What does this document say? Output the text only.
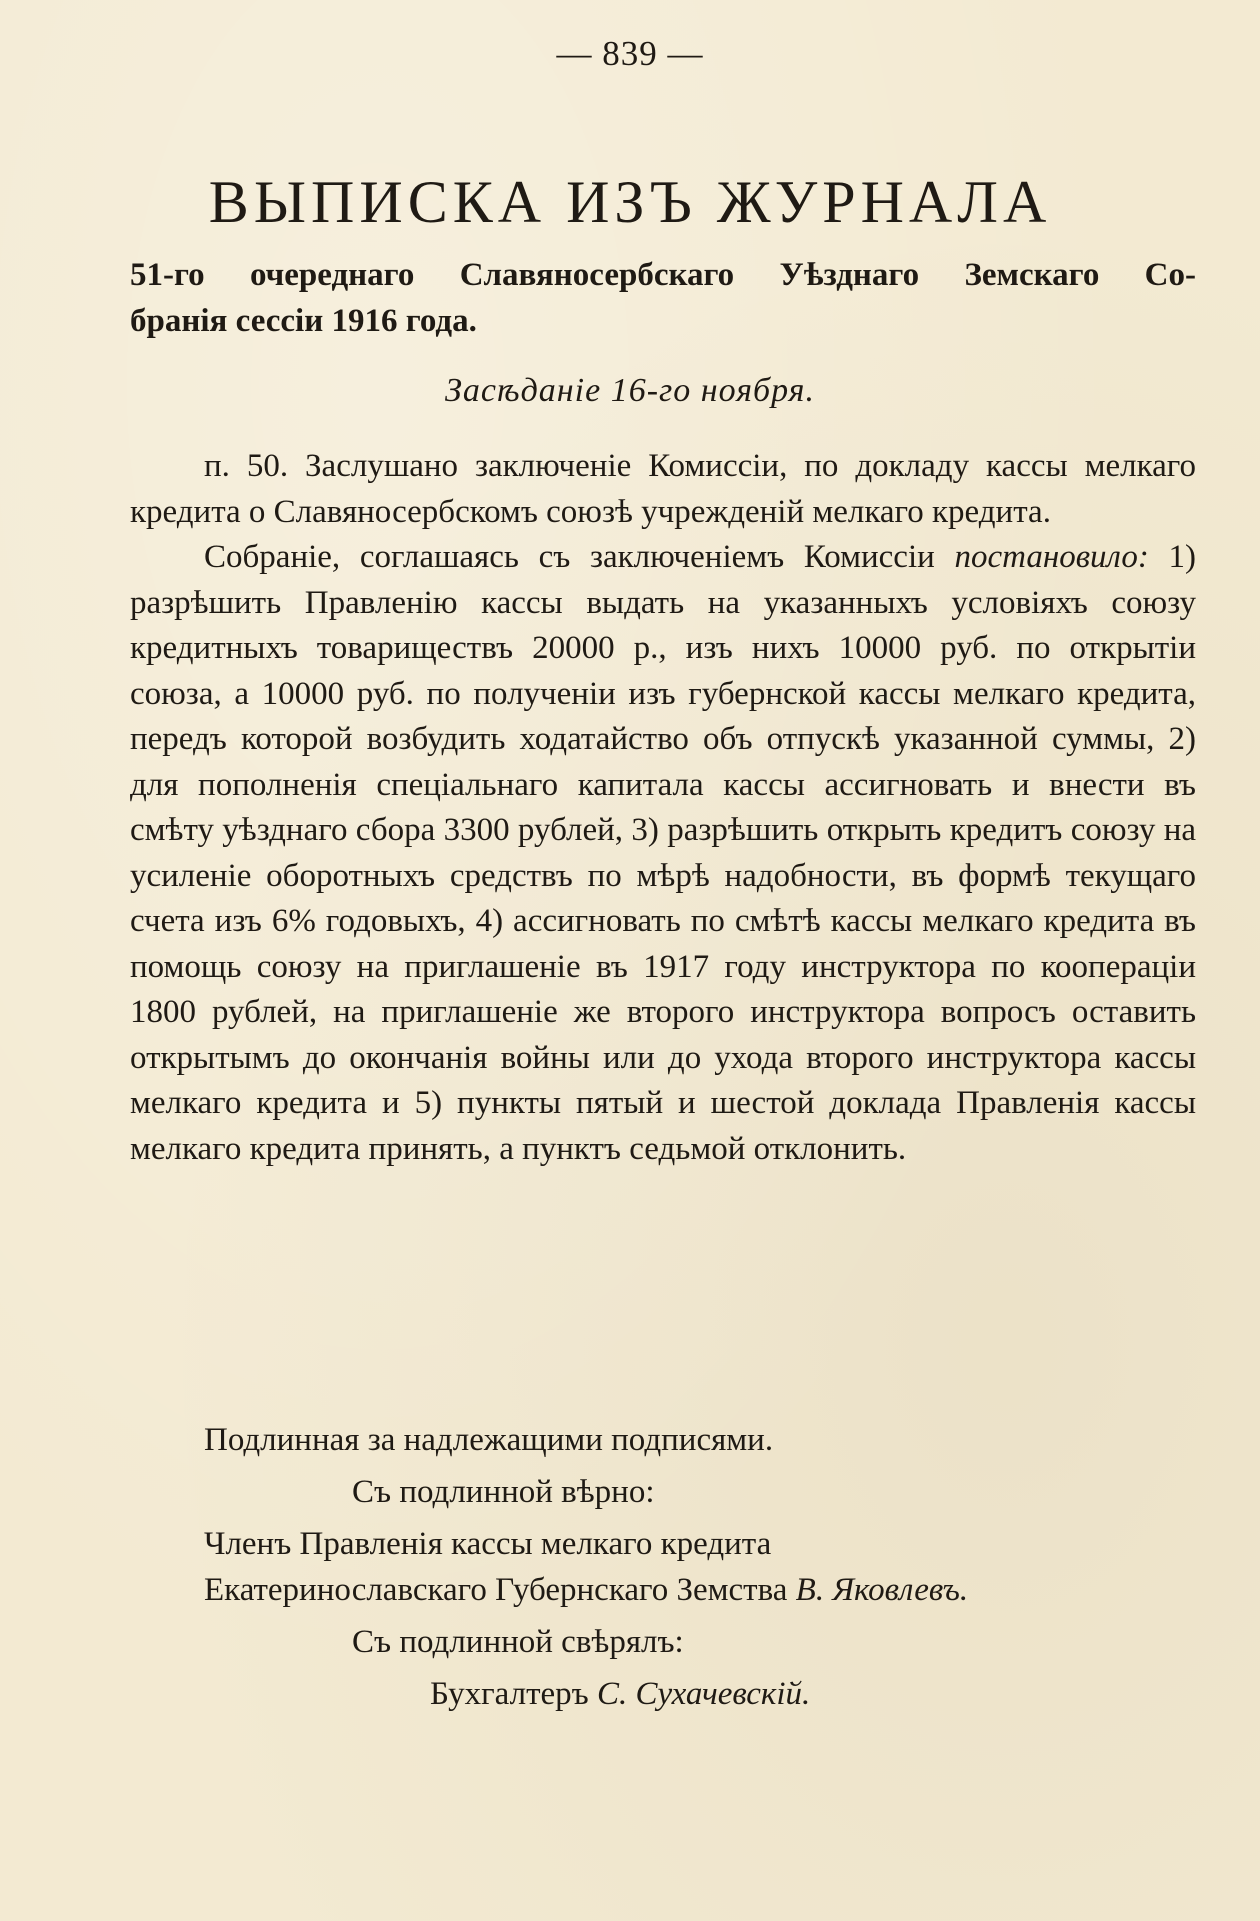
— 839 —
ВЫПИСКА ИЗЪ ЖУРНАЛА
51-го очереднаго Славяносербскаго Уѣзднаго Земскаго Со-
бранія сессіи 1916 года.
Засѣданіе 16-го ноября.

п. 50. Заслушано заключеніе Комиссіи, по докладу кассы мелкаго кредита о Славяносербскомъ союзѣ учрежденій мелкаго кредита.

Собраніе, соглашаясь съ заключеніемъ Комиссіи постановило: 1) разрѣшить Правленію кассы выдать на указанныхъ условіяхъ союзу кредитныхъ товариществъ 20000 р., изъ нихъ 10000 руб. по открытіи союза, а 10000 руб. по полученіи изъ губернской кассы мелкаго кредита, передъ которой возбудить ходатайство объ отпускѣ указанной суммы, 2) для пополненія спеціальнаго капитала кассы ассигновать и внести въ смѣту уѣзднаго сбора 3300 рублей, 3) разрѣшить открыть кредитъ союзу на усиленіе оборотныхъ средствъ по мѣрѣ надобности, въ формѣ текущаго счета изъ 6% годовыхъ, 4) ассигновать по смѣтѣ кассы мелкаго кредита въ помощь союзу на приглашеніе въ 1917 году инструктора по кооперацiи 1800 рублей, на приглашеніе же второго инструктора вопросъ оставить открытымъ до окончанія войны или до ухода второго инструктора кассы мелкаго кредита и 5) пункты пятый и шестой доклада Правленія кассы мелкаго кредита принять, а пунктъ седьмой отклонить.

Подлинная за надлежащими подписями.
Съ подлинной вѣрно:
Членъ Правленія кассы мелкаго кредита
Екатеринославскаго Губернскаго Земства В. Яковлевъ.
Съ подлинной свѣрялъ:
Бухгалтеръ С. Сухачевскій.
